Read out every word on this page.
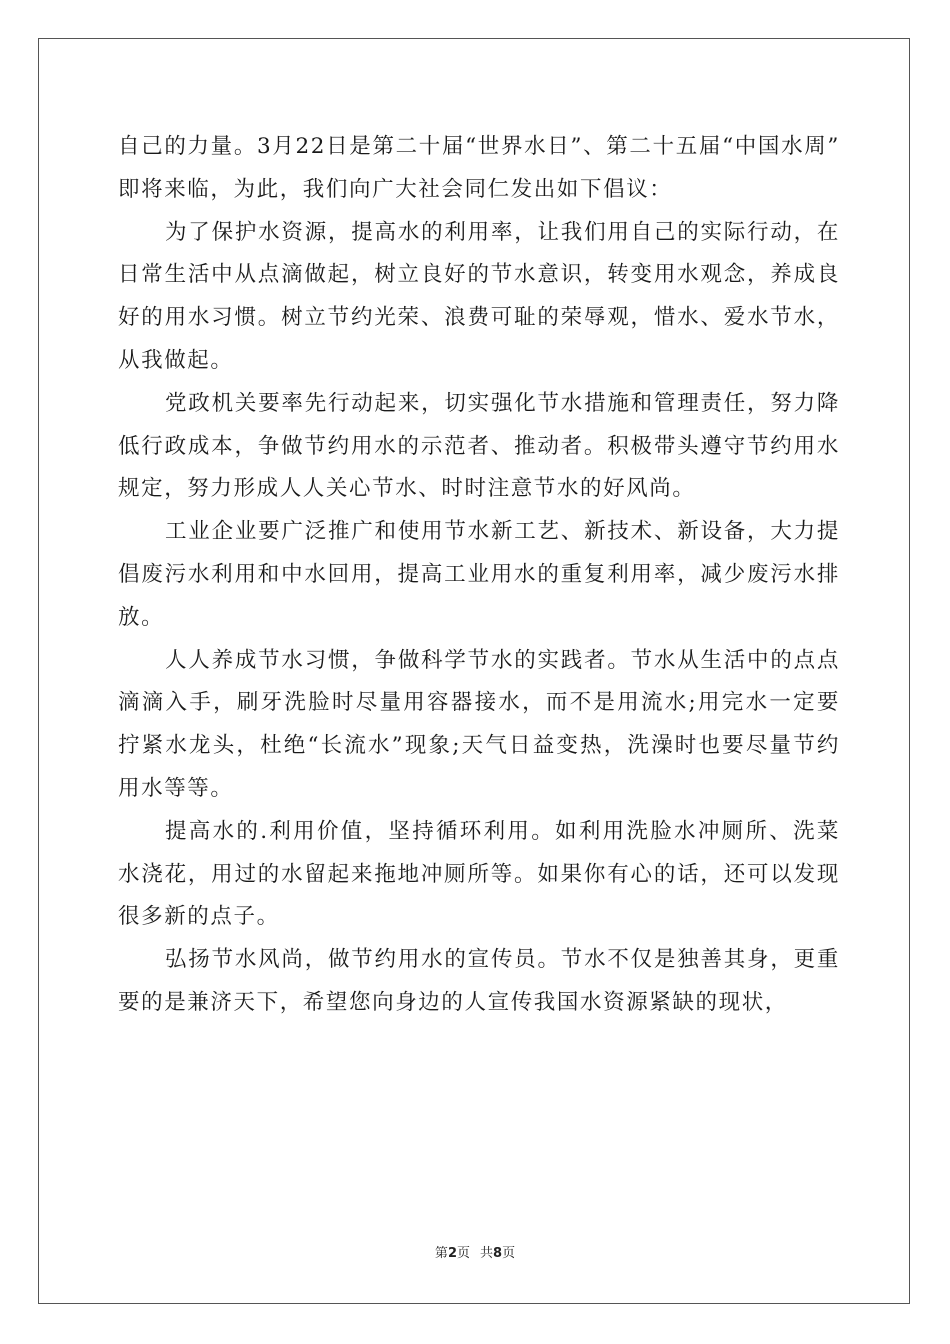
自己的力量。3月22日是第二十届“世界水日”、第二十五届“中国水周” 即将来临，为此，我们向广大社会同仁发出如下倡议：

为了保护水资源，提高水的利用率，让我们用自己的实际行动，在日常生活中从点滴做起，树立良好的节水意识，转变用水观念，养成良好的用水习惯。树立节约光荣、浪费可耻的荣辱观，惜水、爱水节水，从我做起。

党政机关要率先行动起来，切实强化节水措施和管理责任，努力降低行政成本，争做节约用水的示范者、推动者。积极带头遵守节约用水规定，努力形成人人关心节水、时时注意节水的好风尚。

工业企业要广泛推广和使用节水新工艺、新技术、新设备，大力提倡废污水利用和中水回用，提高工业用水的重复利用率，减少废污水排放。

人人养成节水习惯，争做科学节水的实践者。节水从生活中的点点滴滴入手，刷牙洗脸时尽量用容器接水，而不是用流水;用完水一定要拧紧水龙头，杜绝“长流水”现象;天气日益变热，洗澡时也要尽量节约用水等等。

提高水的.利用价值，坚持循环利用。如利用洗脸水冲厕所、洗菜水浇花，用过的水留起来拖地冲厕所等。如果你有心的话，还可以发现很多新的点子。

弘扬节水风尚，做节约用水的宣传员。节水不仅是独善其身，更重要的是兼济天下，希望您向身边的人宣传我国水资源紧缺的现状，

第2页 共8页
